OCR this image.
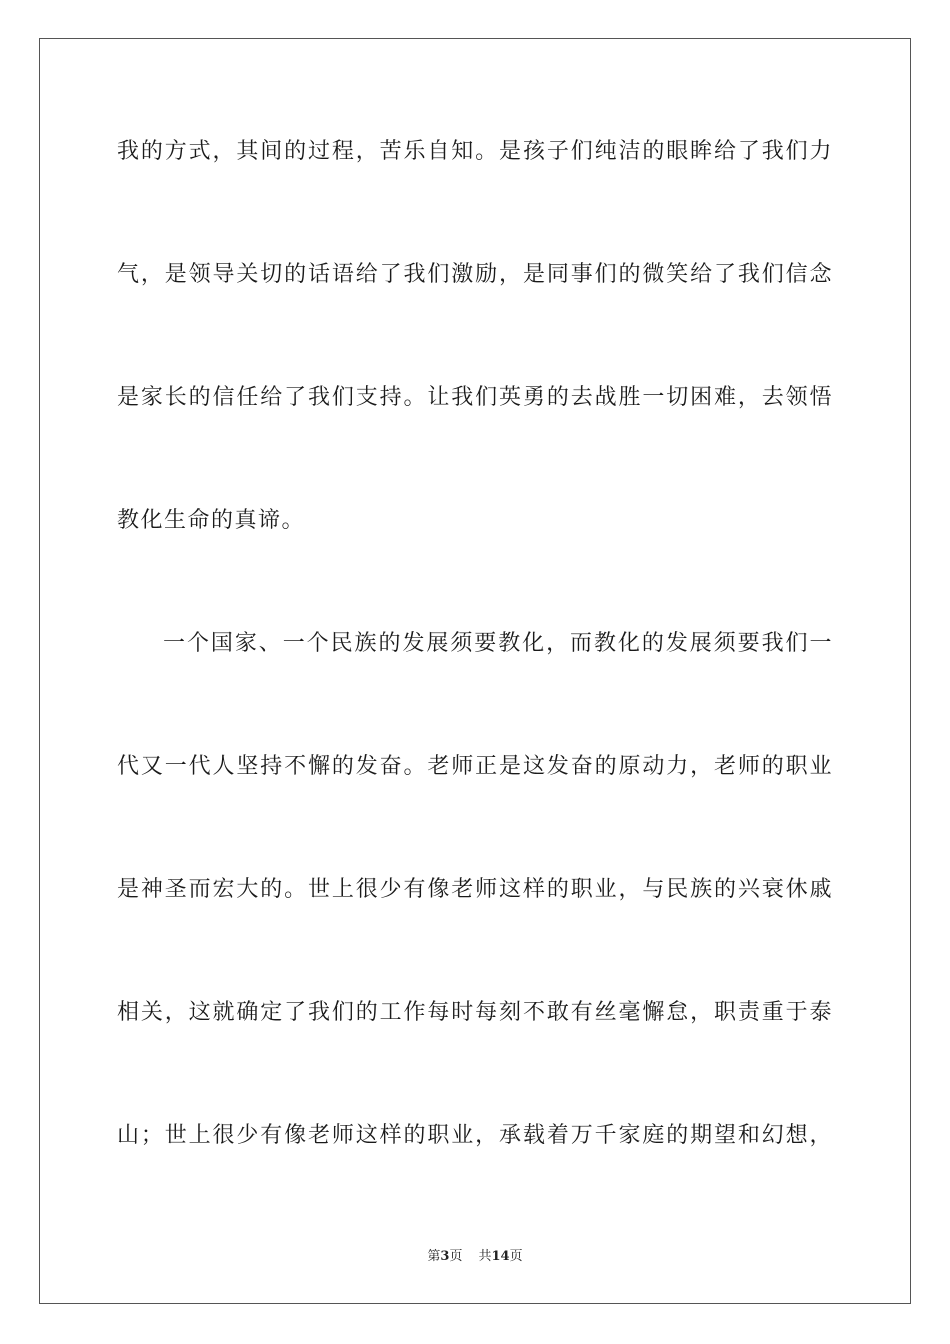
我的方式，其间的过程，苦乐自知。是孩子们纯洁的眼眸给了我们力
气，是领导关切的话语给了我们激励，是同事们的微笑给了我们信念
是家长的信任给了我们支持。让我们英勇的去战胜一切困难，去领悟
教化生命的真谛。
一个国家、一个民族的发展须要教化，而教化的发展须要我们一
代又一代人坚持不懈的发奋。老师正是这发奋的原动力，老师的职业
是神圣而宏大的。世上很少有像老师这样的职业，与民族的兴衰休戚
相关，这就确定了我们的工作每时每刻不敢有丝毫懈怠，职责重于泰
山；世上很少有像老师这样的职业，承载着万千家庭的期望和幻想，
第3页 共14页
